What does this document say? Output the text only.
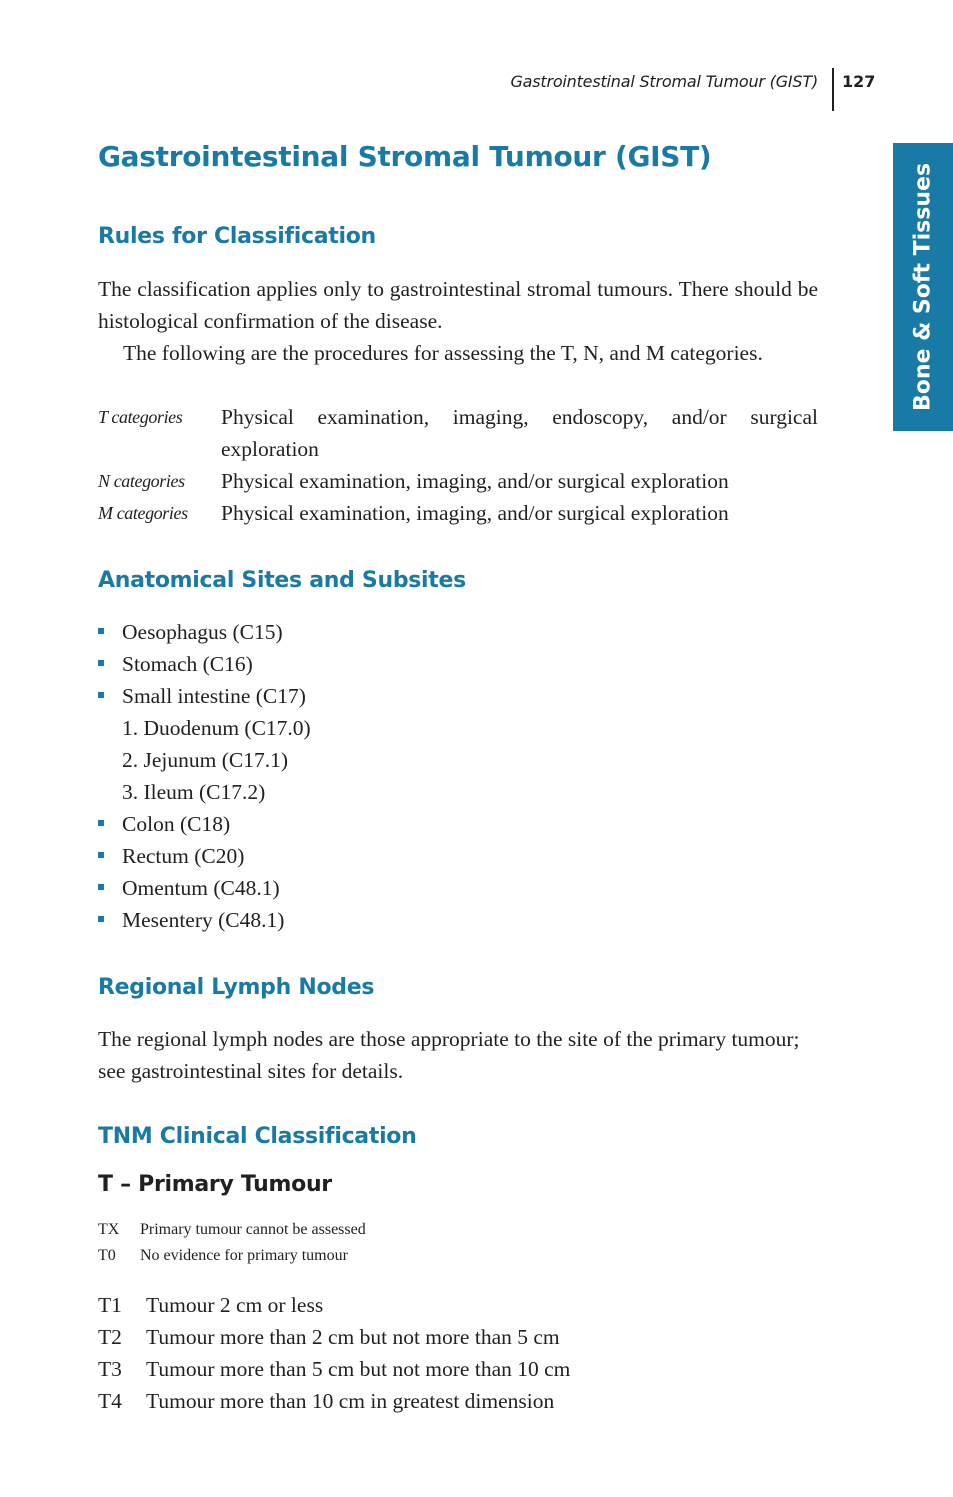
Gastrointestinal Stromal Tumour (GIST) 127
Bone & Soft Tissues
Gastrointestinal Stromal Tumour (GIST)
Rules for Classification
The classification applies only to gastrointestinal stromal tumours. There should be histological confirmation of the disease.
The following are the procedures for assessing the T, N, and M categories.
T categories Physical examination, imaging, endoscopy, and/or surgical exploration
N categories Physical examination, imaging, and/or surgical exploration
M categories Physical examination, imaging, and/or surgical exploration
Anatomical Sites and Subsites
Oesophagus (C15)
Stomach (C16)
Small intestine (C17)
1. Duodenum (C17.0)
2. Jejunum (C17.1)
3. Ileum (C17.2)
Colon (C18)
Rectum (C20)
Omentum (C48.1)
Mesentery (C48.1)
Regional Lymph Nodes
The regional lymph nodes are those appropriate to the site of the primary tumour; see gastrointestinal sites for details.
TNM Clinical Classification
T – Primary Tumour
TX Primary tumour cannot be assessed
T0 No evidence for primary tumour
T1 Tumour 2 cm or less
T2 Tumour more than 2 cm but not more than 5 cm
T3 Tumour more than 5 cm but not more than 10 cm
T4 Tumour more than 10 cm in greatest dimension
